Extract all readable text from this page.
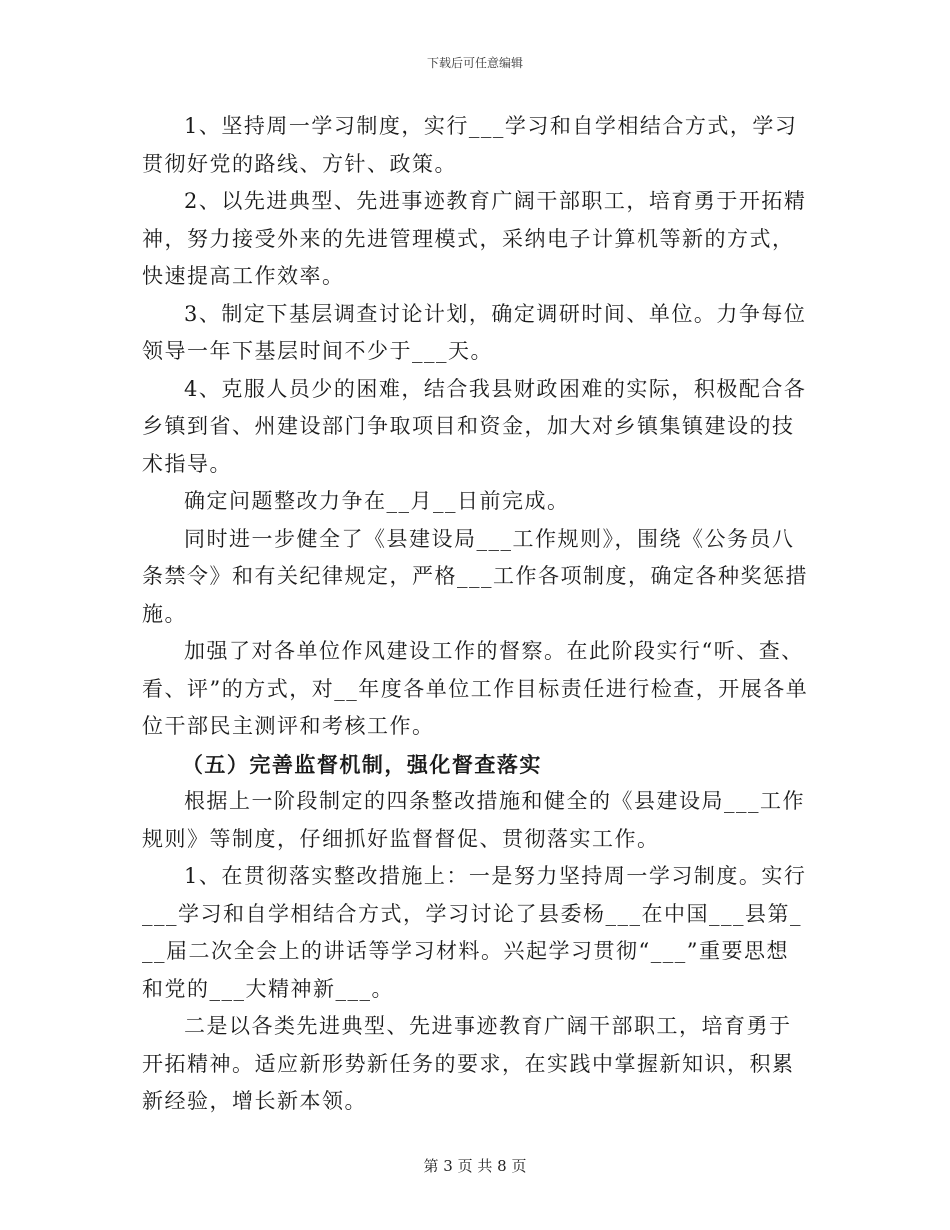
下载后可任意编辑

1、坚持周一学习制度，实行___学习和自学相结合方式，学习贯彻好党的路线、方针、政策。

2、以先进典型、先进事迹教育广阔干部职工，培育勇于开拓精神，努力接受外来的先进管理模式，采纳电子计算机等新的方式，快速提高工作效率。

3、制定下基层调查讨论计划，确定调研时间、单位。力争每位领导一年下基层时间不少于___天。

4、克服人员少的困难，结合我县财政困难的实际，积极配合各乡镇到省、州建设部门争取项目和资金，加大对乡镇集镇建设的技术指导。

确定问题整改力争在__月__日前完成。

同时进一步健全了《县建设局___工作规则》，围绕《公务员八条禁令》和有关纪律规定，严格___工作各项制度，确定各种奖惩措施。

加强了对各单位作风建设工作的督察。在此阶段实行“听、查、看、评”的方式，对__年度各单位工作目标责任进行检查，开展各单位干部民主测评和考核工作。

（五）完善监督机制，强化督查落实

根据上一阶段制定的四条整改措施和健全的《县建设局___工作规则》等制度，仔细抓好监督督促、贯彻落实工作。

1、在贯彻落实整改措施上：一是努力坚持周一学习制度。实行___学习和自学相结合方式，学习讨论了县委杨___在中国___县第___届二次全会上的讲话等学习材料。兴起学习贯彻“___”重要思想和党的___大精神新___。

二是以各类先进典型、先进事迹教育广阔干部职工，培育勇于开拓精神。适应新形势新任务的要求，在实践中掌握新知识，积累新经验，增长新本领。

第 3 页 共 8 页
